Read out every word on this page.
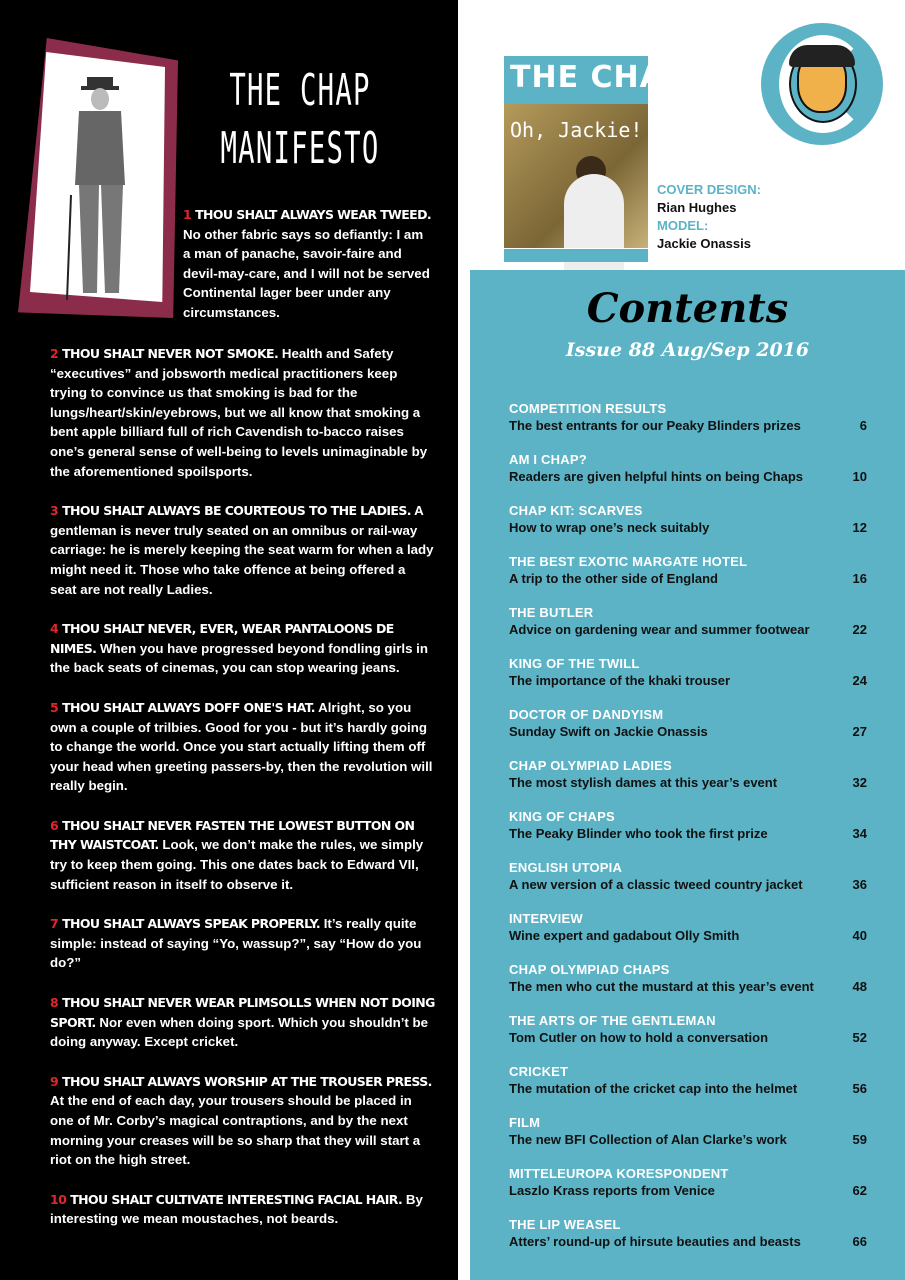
THE CHAP
MANIFESTO
1 THOU SHALT ALWAYS WEAR TWEED.
No other fabric says so defiantly: I am a man of panache, savoir-faire and devil-may-care, and I will not be served Continental lager beer under any circumstances.
2 THOU SHALT NEVER NOT SMOKE. Health and Safety “executives” and jobsworth medical practitioners keep trying to convince us that smoking is bad for the lungs/heart/skin/eyebrows, but we all know that smoking a bent apple billiard full of rich Cavendish to-bacco raises one’s general sense of well-being to levels unimaginable by the aforementioned spoilsports.
3 THOU SHALT ALWAYS BE COURTEOUS TO THE LADIES. A gentleman is never truly seated on an omnibus or rail-way carriage: he is merely keeping the seat warm for when a lady might need it. Those who take offence at being offered a seat are not really Ladies.
4 THOU SHALT NEVER, EVER, WEAR PANTALOONS DE NIMES. When you have progressed beyond fondling girls in the back seats of cinemas, you can stop wearing jeans.
5 THOU SHALT ALWAYS DOFF ONE'S HAT. Alright, so you own a couple of trilbies. Good for you - but it’s hardly going to change the world. Once you start actually lifting them off your head when greeting passers-by, then the revolution will really begin.
6 THOU SHALT NEVER FASTEN THE LOWEST BUTTON ON THY WAISTCOAT. Look, we don’t make the rules, we simply try to keep them going. This one dates back to Edward VII, sufficient reason in itself to observe it.
7 THOU SHALT ALWAYS SPEAK PROPERLY. It’s really quite simple: instead of saying “Yo, wassup?”, say “How do you do?”
8 THOU SHALT NEVER WEAR PLIMSOLLS WHEN NOT DOING SPORT. Nor even when doing sport. Which you shouldn’t be doing anyway. Except cricket.
9 THOU SHALT ALWAYS WORSHIP AT THE TROUSER PRESS. At the end of each day, your trousers should be placed in one of Mr. Corby’s magical contraptions, and by the next morning your creases will be so sharp that they will start a riot on the high street.
10 THOU SHALT CULTIVATE INTERESTING FACIAL HAIR. By interesting we mean moustaches, not beards.
THE CHAP
Oh, Jackie!
COVER DESIGN:
Rian Hughes
MODEL:
Jackie Onassis
Contents
Issue 88 Aug/Sep 2016
COMPETITION RESULTS
The best entrants for our Peaky Blinders prizes	6
AM I CHAP?
Readers are given helpful hints on being Chaps	10
CHAP KIT: SCARVES
How to wrap one’s neck suitably	12
THE BEST EXOTIC MARGATE HOTEL
A trip to the other side of England	16
THE BUTLER
Advice on gardening wear and summer footwear	22
KING OF THE TWILL
The importance of the khaki trouser	24
DOCTOR OF DANDYISM
Sunday Swift on Jackie Onassis	27
CHAP OLYMPIAD LADIES
The most stylish dames at this year’s event	32
KING OF CHAPS
The Peaky Blinder who took the first prize	34
ENGLISH UTOPIA
A new version of a classic tweed country jacket	36
INTERVIEW
Wine expert and gadabout Olly Smith	40
CHAP OLYMPIAD CHAPS
The men who cut the mustard at this year’s event	48
THE ARTS OF THE GENTLEMAN
Tom Cutler on how to hold a conversation	52
CRICKET
The mutation of the cricket cap into the helmet	56
FILM
The new BFI Collection of Alan Clarke’s work	59
MITTELEUROPA KORESPONDENT
Laszlo Krass reports from Venice	62
THE LIP WEASEL
Atters’ round-up of hirsute beauties and beasts	66
